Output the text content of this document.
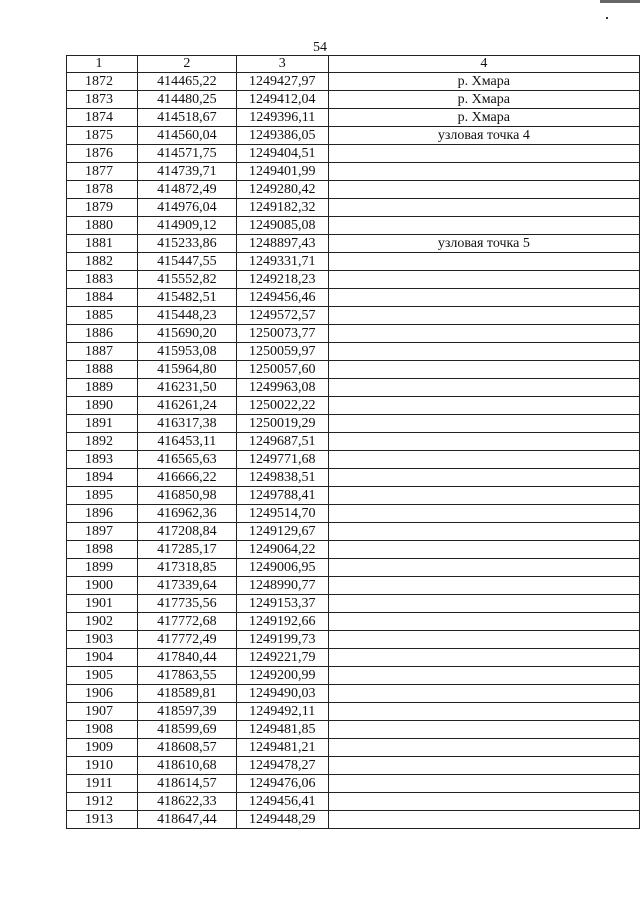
54
1	2	3	4
1872	414465,22	1249427,97	р. Хмара
1873	414480,25	1249412,04	р. Хмара
1874	414518,67	1249396,11	р. Хмара
1875	414560,04	1249386,05	узловая точка 4
1876	414571,75	1249404,51	
1877	414739,71	1249401,99	
1878	414872,49	1249280,42	
1879	414976,04	1249182,32	
1880	414909,12	1249085,08	
1881	415233,86	1248897,43	узловая точка 5
1882	415447,55	1249331,71	
1883	415552,82	1249218,23	
1884	415482,51	1249456,46	
1885	415448,23	1249572,57	
1886	415690,20	1250073,77	
1887	415953,08	1250059,97	
1888	415964,80	1250057,60	
1889	416231,50	1249963,08	
1890	416261,24	1250022,22	
1891	416317,38	1250019,29	
1892	416453,11	1249687,51	
1893	416565,63	1249771,68	
1894	416666,22	1249838,51	
1895	416850,98	1249788,41	
1896	416962,36	1249514,70	
1897	417208,84	1249129,67	
1898	417285,17	1249064,22	
1899	417318,85	1249006,95	
1900	417339,64	1248990,77	
1901	417735,56	1249153,37	
1902	417772,68	1249192,66	
1903	417772,49	1249199,73	
1904	417840,44	1249221,79	
1905	417863,55	1249200,99	
1906	418589,81	1249490,03	
1907	418597,39	1249492,11	
1908	418599,69	1249481,85	
1909	418608,57	1249481,21	
1910	418610,68	1249478,27	
1911	418614,57	1249476,06	
1912	418622,33	1249456,41	
1913	418647,44	1249448,29	
